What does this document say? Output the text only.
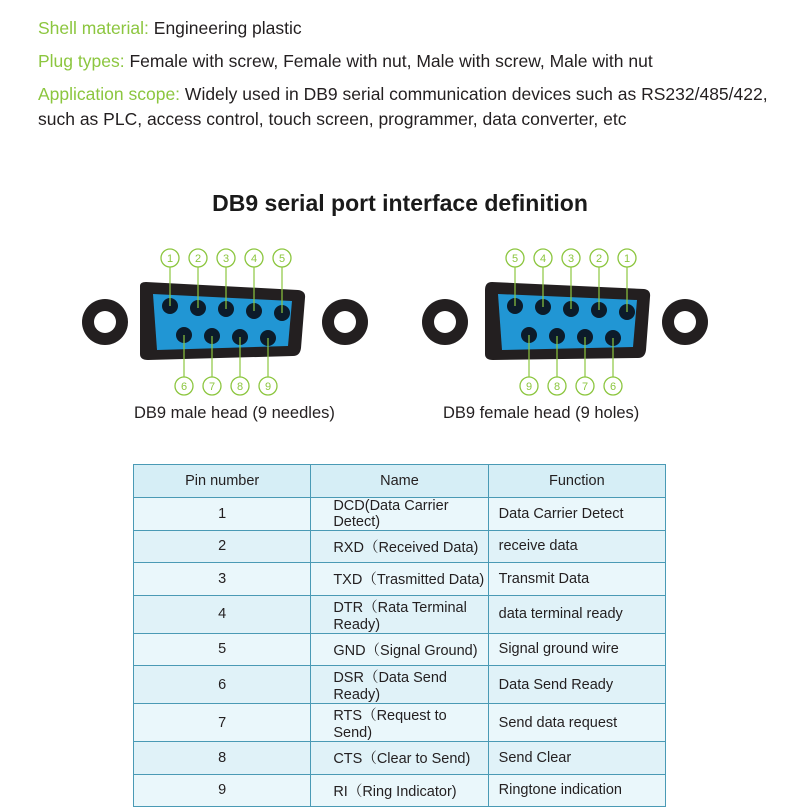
Shell material: Engineering plastic
Plug types: Female with screw, Female with nut, Male with screw, Male with nut
Application scope: Widely used in DB9 serial communication devices such as RS232/485/422, such as PLC, access control, touch screen, programmer, data converter, etc
DB9 serial port interface definition
1 2 3 4 5
6 7 8 9
5 4 3 2 1
9 8 7 6
DB9 male head (9 needles)	DB9 female head (9 holes)
Pin number	Name	Function
1	DCD(Data Carrier Detect)	Data Carrier Detect
2	RXD（Received Data)	receive data
3	TXD（Trasmitted Data)	Transmit Data
4	DTR（Rata Terminal Ready)	data terminal ready
5	GND（Signal Ground)	Signal ground wire
6	DSR（Data Send Ready)	Data Send Ready
7	RTS（Request to Send)	Send data request
8	CTS（Clear to Send)	Send Clear
9	RI（Ring Indicator)	Ringtone indication
